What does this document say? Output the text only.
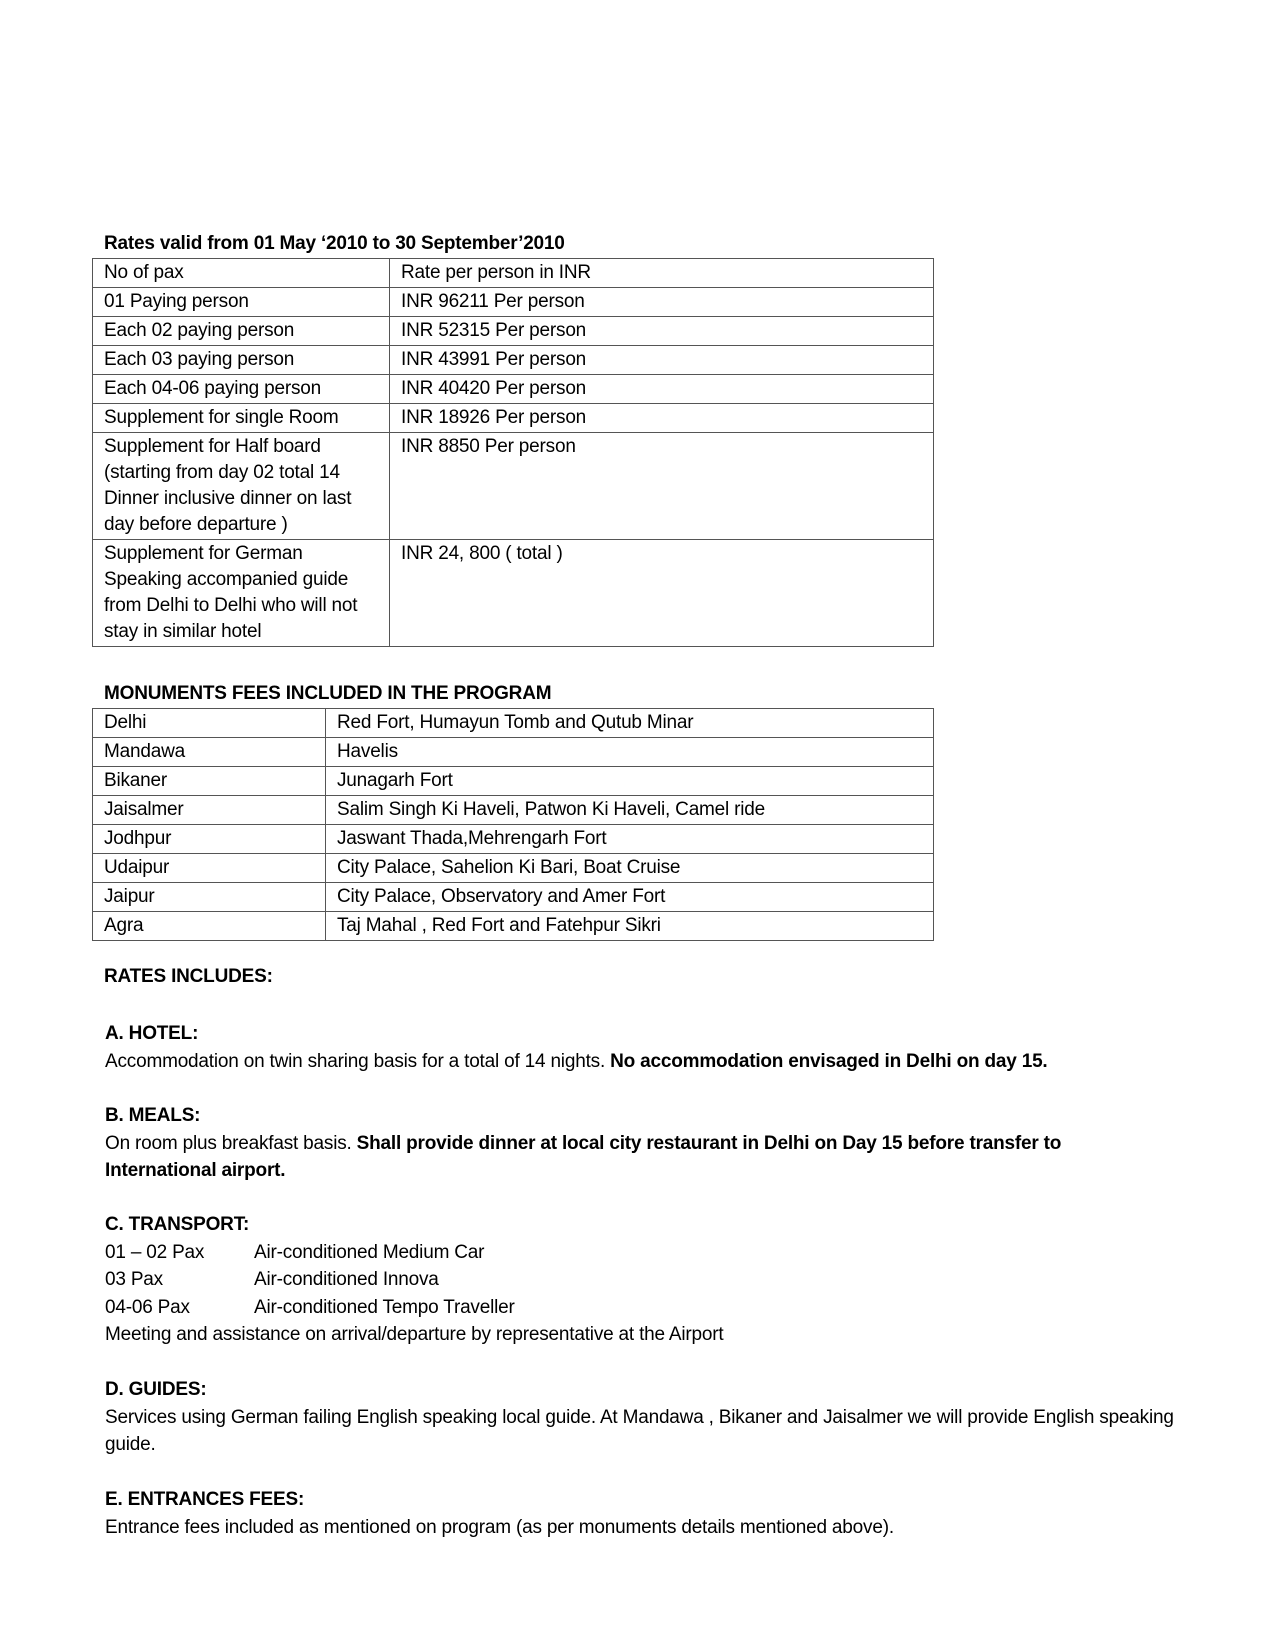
Rates valid from 01 May ‘2010 to 30 September’2010
No of pax	Rate per person in INR
01 Paying person	INR 96211 Per person
Each 02 paying person	INR 52315 Per person
Each 03 paying person	INR 43991 Per person
Each 04-06 paying person	INR 40420 Per person
Supplement for single Room	INR 18926 Per person
Supplement for Half board (starting from day 02 total 14 Dinner inclusive dinner on last day before departure )	INR 8850 Per person
Supplement for German Speaking accompanied guide from Delhi to Delhi who will not stay in similar hotel	INR 24, 800 ( total )
MONUMENTS FEES INCLUDED IN THE PROGRAM
Delhi	Red Fort, Humayun Tomb and Qutub Minar
Mandawa	Havelis
Bikaner	Junagarh Fort
Jaisalmer	Salim Singh Ki Haveli, Patwon Ki Haveli, Camel ride
Jodhpur	Jaswant Thada,Mehrengarh Fort
Udaipur	City Palace, Sahelion Ki Bari, Boat Cruise
Jaipur	City Palace, Observatory and Amer Fort
Agra	Taj Mahal , Red Fort and Fatehpur Sikri
RATES INCLUDES:
A. HOTEL:
Accommodation on twin sharing basis for a total of 14 nights. No accommodation envisaged in Delhi on day 15.
B. MEALS:
On room plus breakfast basis. Shall provide dinner at local city restaurant in Delhi on Day 15 before transfer to International airport.
C. TRANSPORT:
01 – 02 Pax	Air-conditioned Medium Car
03 Pax	Air-conditioned Innova
04-06 Pax	Air-conditioned Tempo Traveller
Meeting and assistance on arrival/departure by representative at the Airport
D. GUIDES:
Services using German failing English speaking local guide. At Mandawa , Bikaner and Jaisalmer we will provide English speaking guide.
E. ENTRANCES FEES:
Entrance fees included as mentioned on program (as per monuments details mentioned above).
